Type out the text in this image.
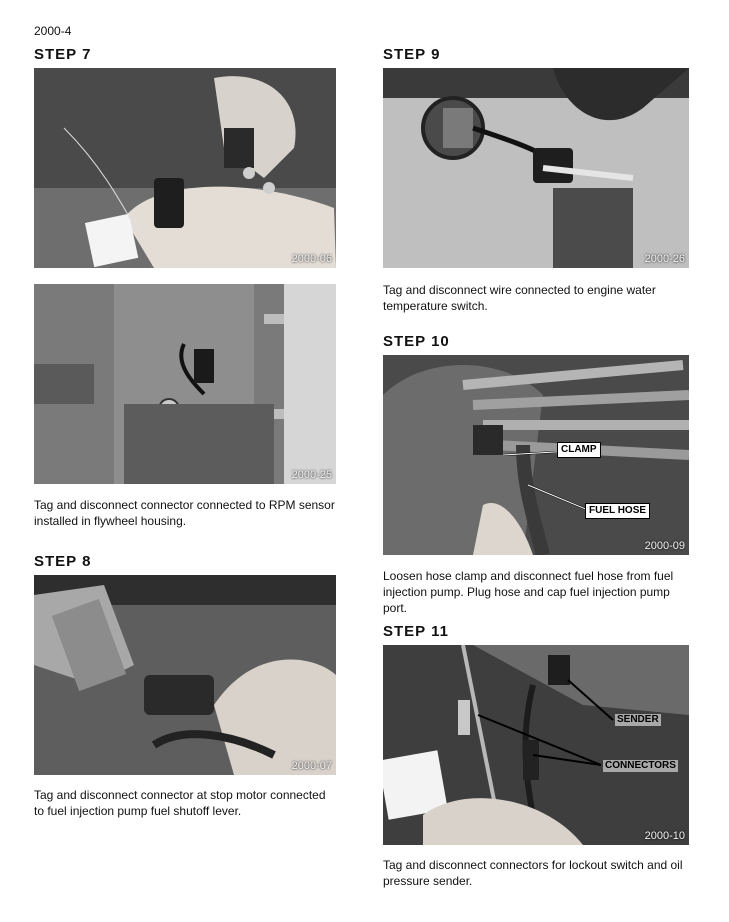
2000-4
STEP 7
2000-06
2000-25
Tag and disconnect connector connected to RPM sensor installed in flywheel housing.
STEP 8
2000-07
Tag and disconnect connector at stop motor connected to fuel injection pump fuel shutoff lever.
STEP 9
2000-26
Tag and disconnect wire connected to engine water temperature switch.
STEP 10
CLAMP
FUEL HOSE
2000-09
Loosen hose clamp and disconnect fuel hose from fuel injection pump. Plug hose and cap fuel injection pump port.
STEP 11
SENDER
CONNECTORS
2000-10
Tag and disconnect connectors for lockout switch and oil pressure sender.
